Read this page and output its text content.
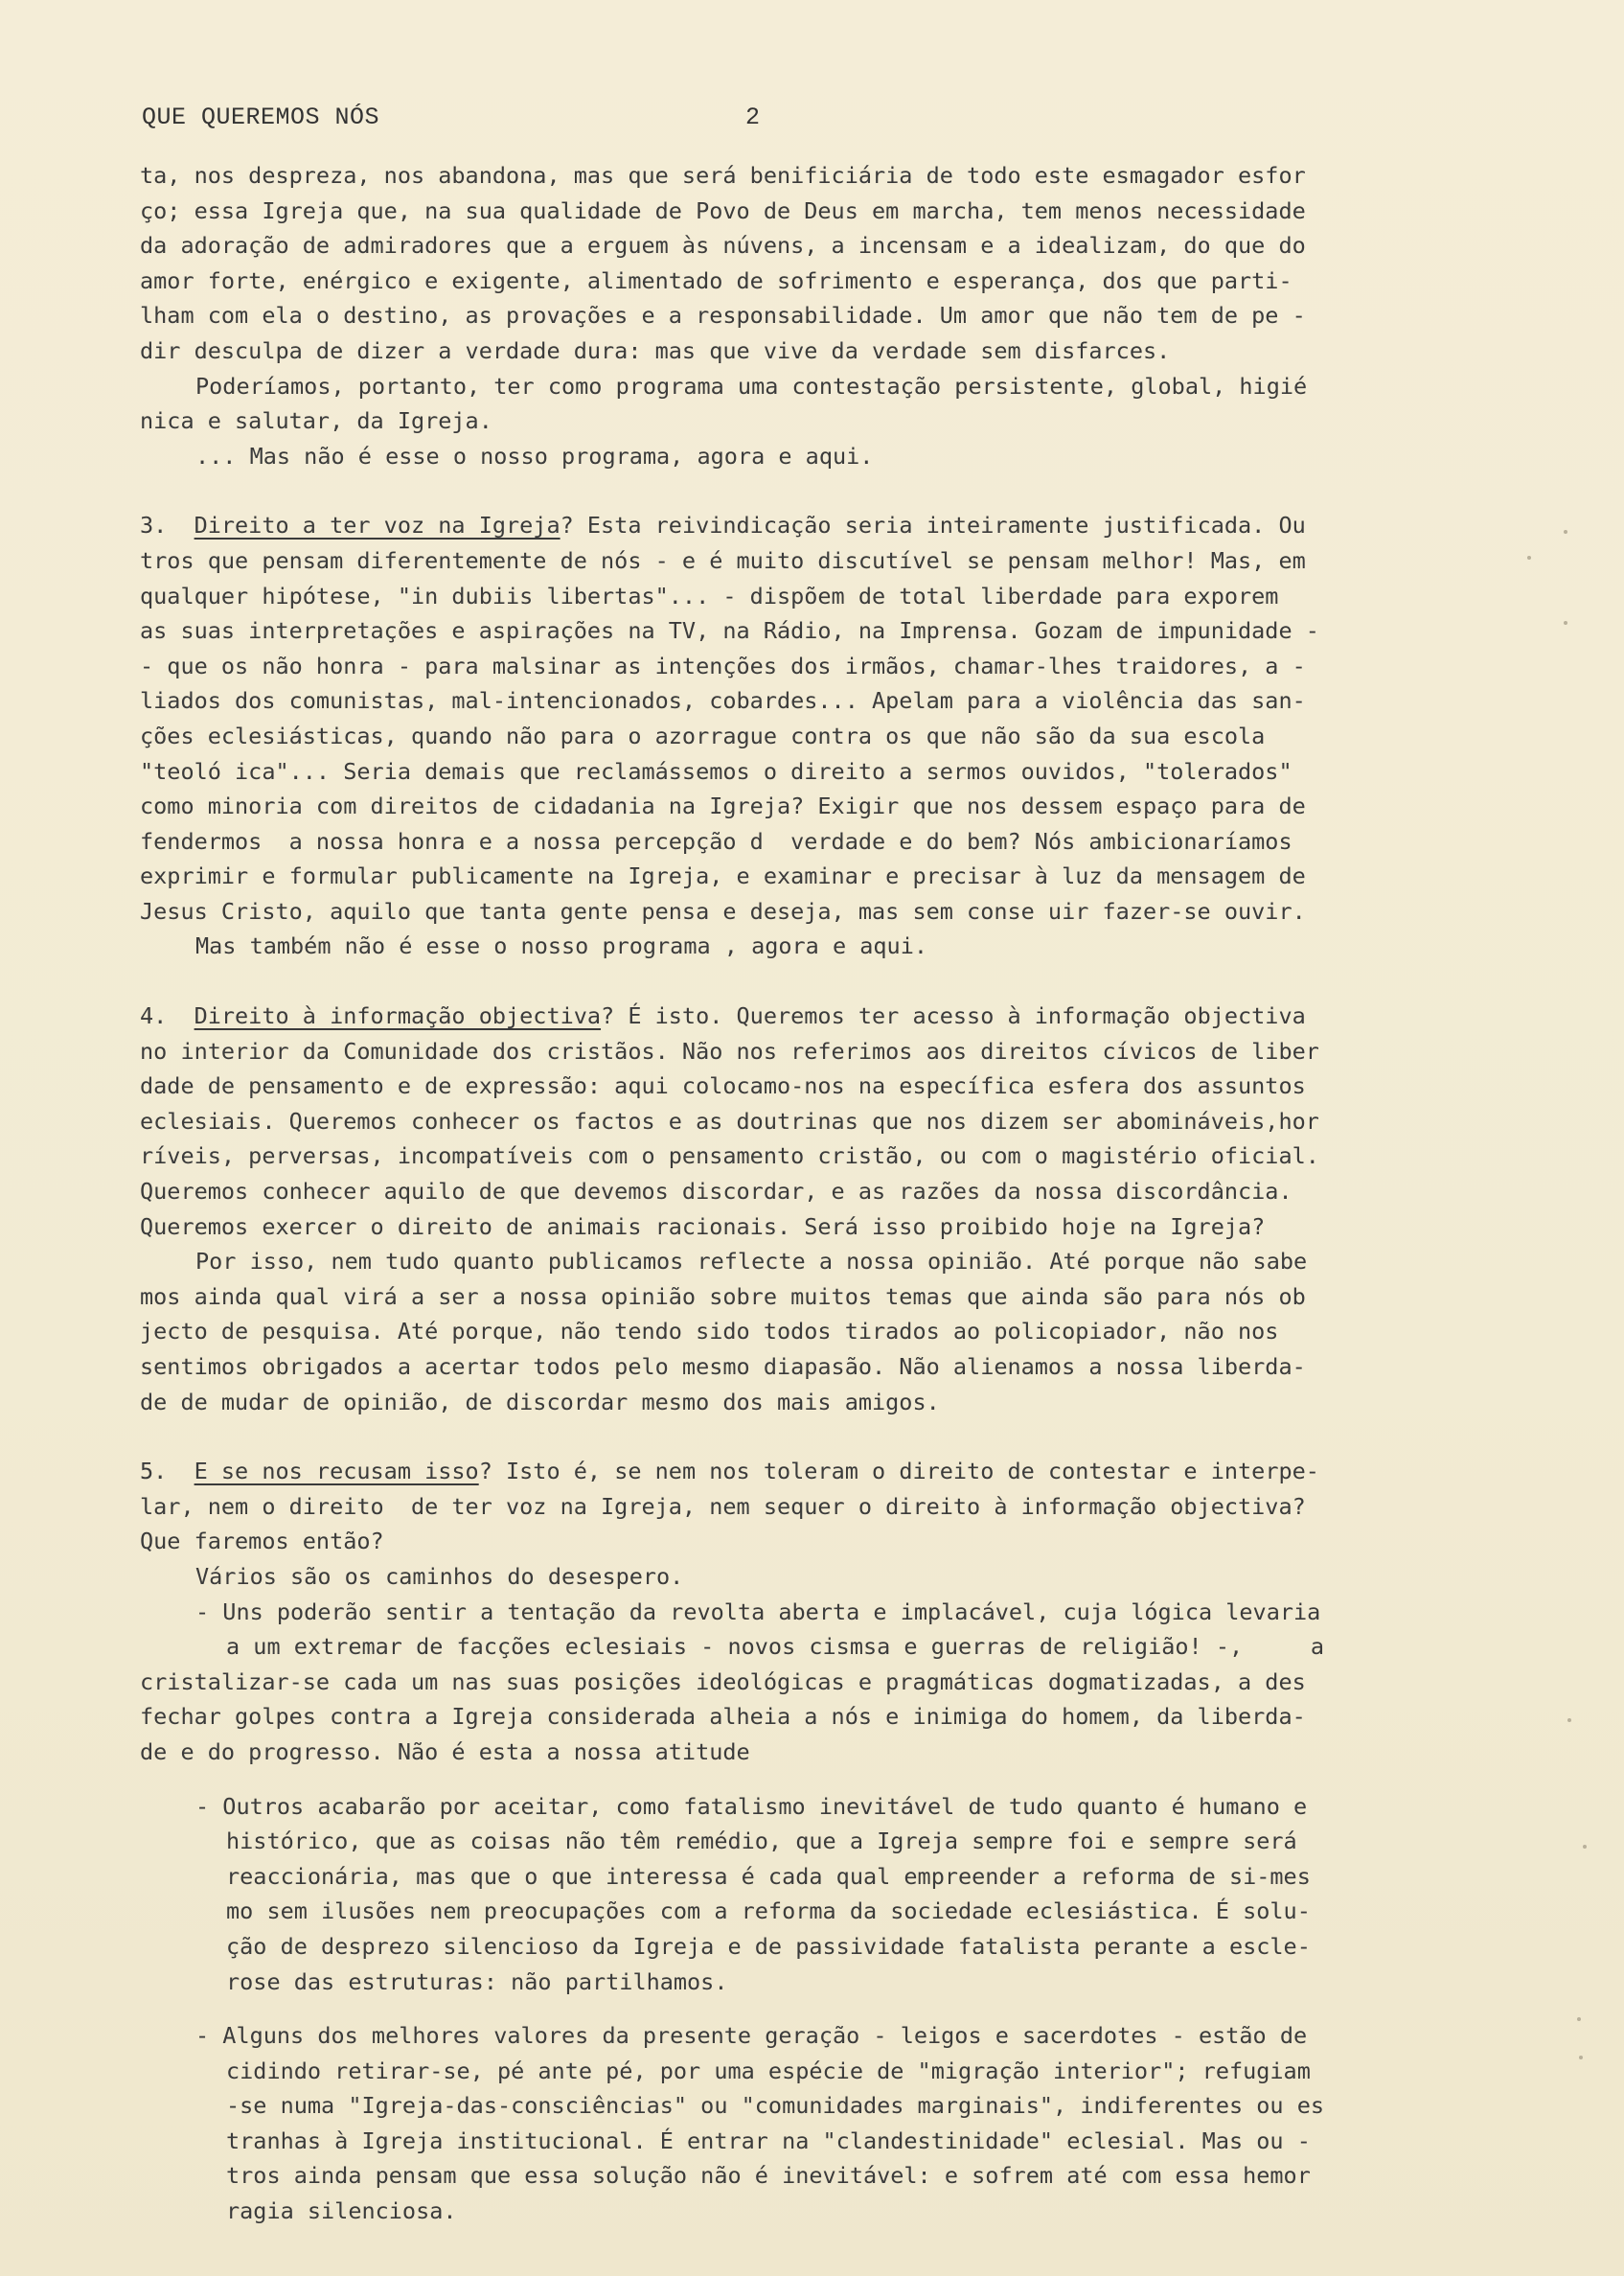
QUE QUEREMOS NÓS	2
ta, nos despreza, nos abandona, mas que será benificiária de todo este esmagador esfor
ço; essa Igreja que, na sua qualidade de Povo de Deus em marcha, tem menos necessidade
da adoração de admiradores que a erguem às núvens, a incensam e a idealizam, do que do
amor forte, enérgico e exigente, alimentado de sofrimento e esperança, dos que parti-
lham com ela o destino, as provações e a responsabilidade. Um amor que não tem de pe -
dir desculpa de dizer a verdade dura: mas que vive da verdade sem disfarces.
Poderíamos, portanto, ter como programa uma contestação persistente, global, higié
nica e salutar, da Igreja.
... Mas não é esse o nosso programa, agora e aqui.
3.  Direito a ter voz na Igreja? Esta reivindicação seria inteiramente justificada. Ou
tros que pensam diferentemente de nós - e é muito discutível se pensam melhor! Mas, em
qualquer hipótese, "in dubiis libertas"... - dispõem de total liberdade para exporem
as suas interpretações e aspirações na TV, na Rádio, na Imprensa. Gozam de impunidade -
- que os não honra - para malsinar as intenções dos irmãos, chamar-lhes traidores, a -
liados dos comunistas, mal-intencionados, cobardes... Apelam para a violência das san-
ções eclesiásticas, quando não para o azorrague contra os que não são da sua escola
"teoló ica"... Seria demais que reclamássemos o direito a sermos ouvidos, "tolerados"
como minoria com direitos de cidadania na Igreja? Exigir que nos dessem espaço para de
fendermos  a nossa honra e a nossa percepção d  verdade e do bem? Nós ambicionaríamos
exprimir e formular publicamente na Igreja, e examinar e precisar à luz da mensagem de
Jesus Cristo, aquilo que tanta gente pensa e deseja, mas sem conse uir fazer-se ouvir.
Mas também não é esse o nosso programa , agora e aqui.
4.  Direito à informação objectiva? É isto. Queremos ter acesso à informação objectiva
no interior da Comunidade dos cristãos. Não nos referimos aos direitos cívicos de liber
dade de pensamento e de expressão: aqui colocamo-nos na específica esfera dos assuntos
eclesiais. Queremos conhecer os factos e as doutrinas que nos dizem ser abomináveis,hor
ríveis, perversas, incompatíveis com o pensamento cristão, ou com o magistério oficial.
Queremos conhecer aquilo de que devemos discordar, e as razões da nossa discordância.
Queremos exercer o direito de animais racionais. Será isso proibido hoje na Igreja?
Por isso, nem tudo quanto publicamos reflecte a nossa opinião. Até porque não sabe
mos ainda qual virá a ser a nossa opinião sobre muitos temas que ainda são para nós ob
jecto de pesquisa. Até porque, não tendo sido todos tirados ao policopiador, não nos
sentimos obrigados a acertar todos pelo mesmo diapasão. Não alienamos a nossa liberda-
de de mudar de opinião, de discordar mesmo dos mais amigos.
5.  E se nos recusam isso? Isto é, se nem nos toleram o direito de contestar e interpe-
lar, nem o direito  de ter voz na Igreja, nem sequer o direito à informação objectiva?
Que faremos então?
Vários são os caminhos do desespero.
- Uns poderão sentir a tentação da revolta aberta e implacável, cuja lógica levaria
a um extremar de facções eclesiais - novos cismsa e guerras de religião! -,     a
cristalizar-se cada um nas suas posições ideológicas e pragmáticas dogmatizadas, a des
fechar golpes contra a Igreja considerada alheia a nós e inimiga do homem, da liberda-
de e do progresso. Não é esta a nossa atitude
- Outros acabarão por aceitar, como fatalismo inevitável de tudo quanto é humano e
histórico, que as coisas não têm remédio, que a Igreja sempre foi e sempre será
reaccionária, mas que o que interessa é cada qual empreender a reforma de si-mes
mo sem ilusões nem preocupações com a reforma da sociedade eclesiástica. É solu-
ção de desprezo silencioso da Igreja e de passividade fatalista perante a escle-
rose das estruturas: não partilhamos.
- Alguns dos melhores valores da presente geração - leigos e sacerdotes - estão de
cidindo retirar-se, pé ante pé, por uma espécie de "migração interior"; refugiam
-se numa "Igreja-das-consciências" ou "comunidades marginais", indiferentes ou es
tranhas à Igreja institucional. É entrar na "clandestinidade" eclesial. Mas ou -
tros ainda pensam que essa solução não é inevitável: e sofrem até com essa hemor
ragia silenciosa.
